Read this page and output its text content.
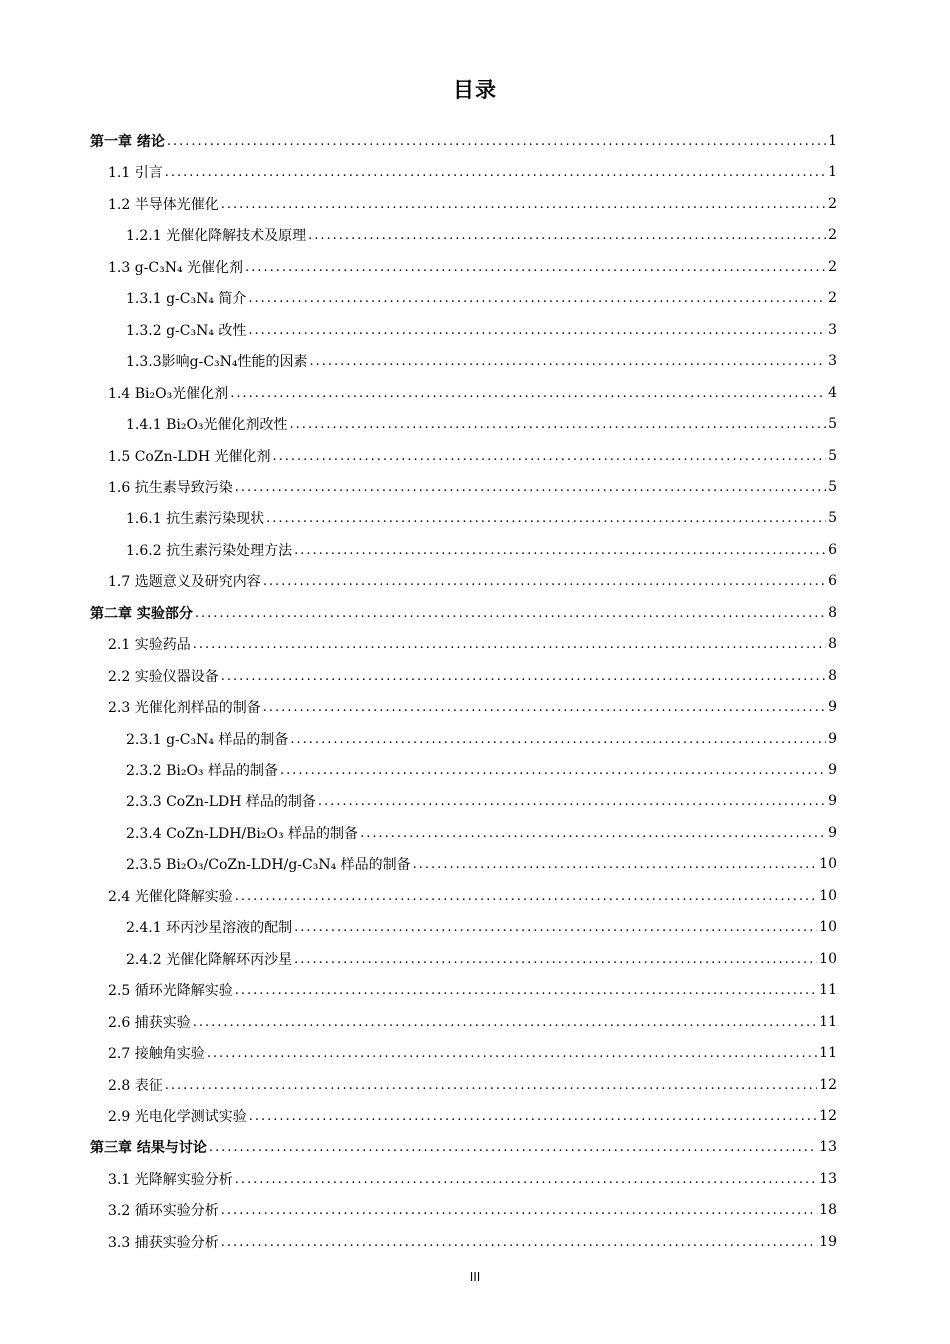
目录
第一章 绪论 .....	1
1.1 引言 .....	1
1.2 半导体光催化 .....	2
1.2.1 光催化降解技术及原理 .....	2
1.3 g-C₃N₄ 光催化剂 .....	2
1.3.1 g-C₃N₄ 简介 .....	2
1.3.2 g-C₃N₄ 改性 .....	3
1.3.3影响g-C₃N₄性能的因素 .....	3
1.4 Bi₂O₃光催化剂 .....	4
1.4.1 Bi₂O₃光催化剂改性 .....	5
1.5 CoZn-LDH 光催化剂 .....	5
1.6 抗生素导致污染 .....	5
1.6.1 抗生素污染现状 .....	5
1.6.2 抗生素污染处理方法 .....	6
1.7 选题意义及研究内容 .....	6
第二章 实验部分 .....	8
2.1 实验药品 .....	8
2.2 实验仪器设备 .....	8
2.3 光催化剂样品的制备 .....	9
2.3.1 g-C₃N₄ 样品的制备 .....	9
2.3.2 Bi₂O₃ 样品的制备 .....	9
2.3.3 CoZn-LDH 样品的制备 .....	9
2.3.4 CoZn-LDH/Bi₂O₃ 样品的制备 .....	9
2.3.5 Bi₂O₃/CoZn-LDH/g-C₃N₄ 样品的制备 .....	10
2.4 光催化降解实验 .....	10
2.4.1 环丙沙星溶液的配制 .....	10
2.4.2 光催化降解环丙沙星 .....	10
2.5 循环光降解实验 .....	11
2.6 捕获实验 .....	11
2.7 接触角实验 .....	11
2.8 表征 .....	12
2.9 光电化学测试实验 .....	12
第三章 结果与讨论 .....	13
3.1 光降解实验分析 .....	13
3.2 循环实验分析 .....	18
3.3 捕获实验分析 .....	19
III
